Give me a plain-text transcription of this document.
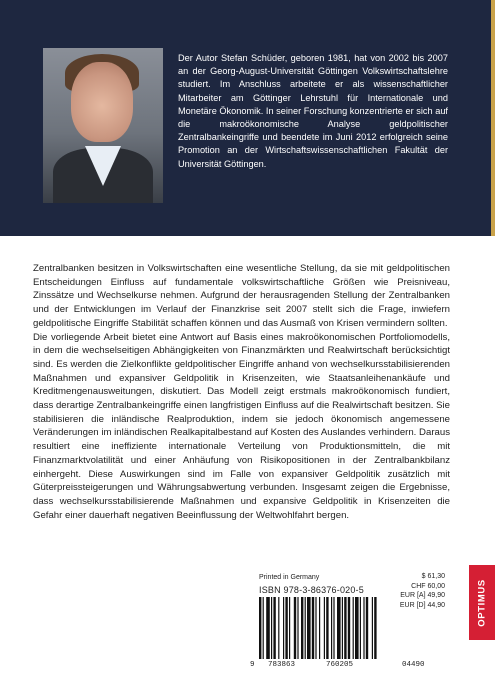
Der Autor Stefan Schüder, geboren 1981, hat von 2002 bis 2007 an der Georg-August-Universität Göttingen Volkswirtschaftslehre studiert. Im Anschluss arbeitete er als wissenschaftlicher Mitarbeiter am Göttinger Lehrstuhl für Internationale und Monetäre Ökonomik. In seiner Forschung konzentrierte er sich auf die makroökonomische Analyse geldpolitischer Zentralbankeingriffe und beendete im Juni 2012 erfolgreich seine Promotion an der Wirtschaftswissenschaftlichen Fakultät der Universität Göttingen.

Zentralbanken besitzen in Volkswirtschaften eine wesentliche Stellung, da sie mit geldpolitischen Entscheidungen Einfluss auf fundamentale volkswirtschaftliche Größen wie Preisniveau, Zinssätze und Wechselkurse nehmen. Aufgrund der herausragenden Stellung der Zentralbanken und der Entwicklungen im Verlauf der Finanzkrise seit 2007 stellt sich die Frage, inwiefern geldpolitische Eingriffe Stabilität schaffen können und das Ausmaß von Krisen vermindern sollten.

Die vorliegende Arbeit bietet eine Antwort auf Basis eines makroökonomischen Portfoliomodells, in dem die wechselseitigen Abhängigkeiten von Finanzmärkten und Realwirtschaft berücksichtigt sind. Es werden die Zielkonflikte geldpolitischer Eingriffe anhand von wechselkursstabilisierenden Maßnahmen und expansiver Geldpolitik in Krisenzeiten, wie Staatsanleihenankäufe und Kreditmengenausweitungen, diskutiert. Das Modell zeigt erstmals makroökonomisch fundiert, dass derartige Zentralbankeingriffe einen langfristigen Einfluss auf die Realwirtschaft besitzen. Sie stabilisieren die inländische Realproduktion, indem sie jedoch ökonomisch angemessene Veränderungen im inländischen Realkapitalbestand auf Kosten des Auslandes verhindern. Daraus resultiert eine ineffiziente internationale Verteilung von Produktionsmitteln, die mit Finanzmarktvolatilität und einer Anhäufung von Risikopositionen in der Zentralbankbilanz einhergeht. Diese Auswirkungen sind im Falle von expansiver Geldpolitik zusätzlich mit Güterpreissteigerungen und Währungsabwertung verbunden. Insgesamt zeigen die Ergebnisse, dass wechselkursstabilisierende Maßnahmen und expansive Geldpolitik in Krisenzeiten die Gefahr einer dauerhaft negativen Beeinflussung der Weltwohlfahrt bergen.

Printed in Germany
ISBN 978-3-86376-020-5
$ 61,30
CHF 60,00
EUR [A] 49,90
EUR [D] 44,90
9 783863	760205	04490
OPTIMUS
